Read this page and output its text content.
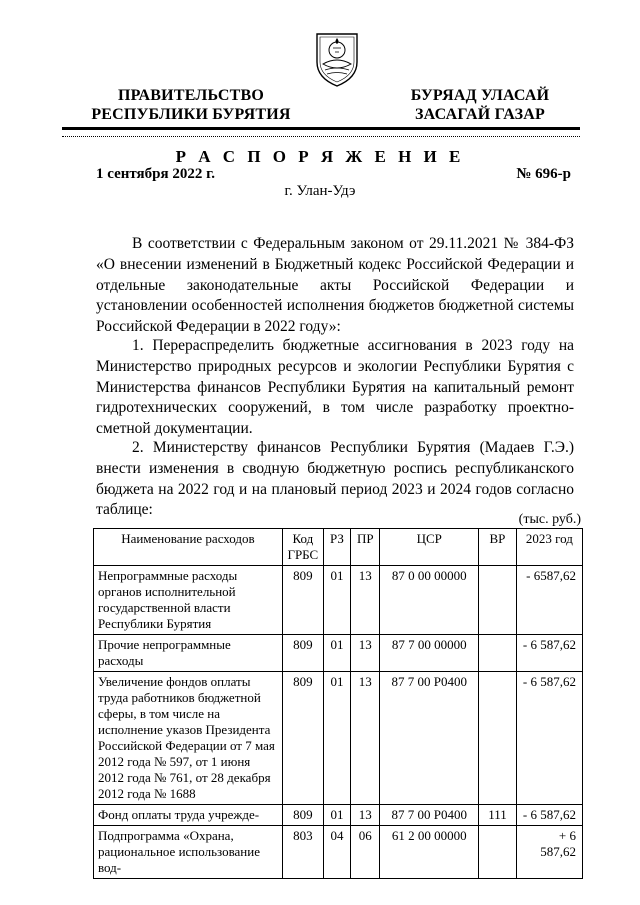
ПРАВИТЕЛЬСТВО
РЕСПУБЛИКИ БУРЯТИЯ
БУРЯАД УЛАСАЙ
ЗАСАГАЙ ГАЗАР
Р А С П О Р Я Ж Е Н И Е
1 сентября 2022 г.	№ 696-р
г. Улан-Удэ
В соответствии с Федеральным законом от 29.11.2021 № 384-ФЗ «О внесении изменений в Бюджетный кодекс Российской Федерации и отдельные законодательные акты Российской Федерации и установлении особенностей исполнения бюджетов бюджетной системы Российской Федерации в 2022 году»:
1. Перераспределить бюджетные ассигнования в 2023 году на Министерство природных ресурсов и экологии Республики Бурятия с Министерства финансов Республики Бурятия на капитальный ремонт гидротехнических сооружений, в том числе разработку проектно-сметной документации.
2. Министерству финансов Республики Бурятия (Мадаев Г.Э.) внести изменения в сводную бюджетную роспись республиканского бюджета на 2022 год и на плановый период 2023 и 2024 годов согласно таблице:
(тыс. руб.)
Наименование расходов	Код ГРБС	РЗ	ПР	ЦСР	ВР	2023 год
Непрограммные расходы органов исполнительной государственной власти Республики Бурятия	809	01	13	87 0 00 00000		- 6587,62
Прочие непрограммные расходы	809	01	13	87 7 00 00000		- 6 587,62
Увеличение фондов оплаты труда работников бюджетной сферы, в том числе на исполнение указов Президента Российской Федерации от 7 мая 2012 года № 597, от 1 июня 2012 года № 761, от 28 декабря 2012 года № 1688	809	01	13	87 7 00 P0400		- 6 587,62
Фонд оплаты труда учрежде-	809	01	13	87 7 00 P0400	111	- 6 587,62
Подпрограмма «Охрана, рациональное использование вод-	803	04	06	61 2 00 00000		+ 6 587,62
